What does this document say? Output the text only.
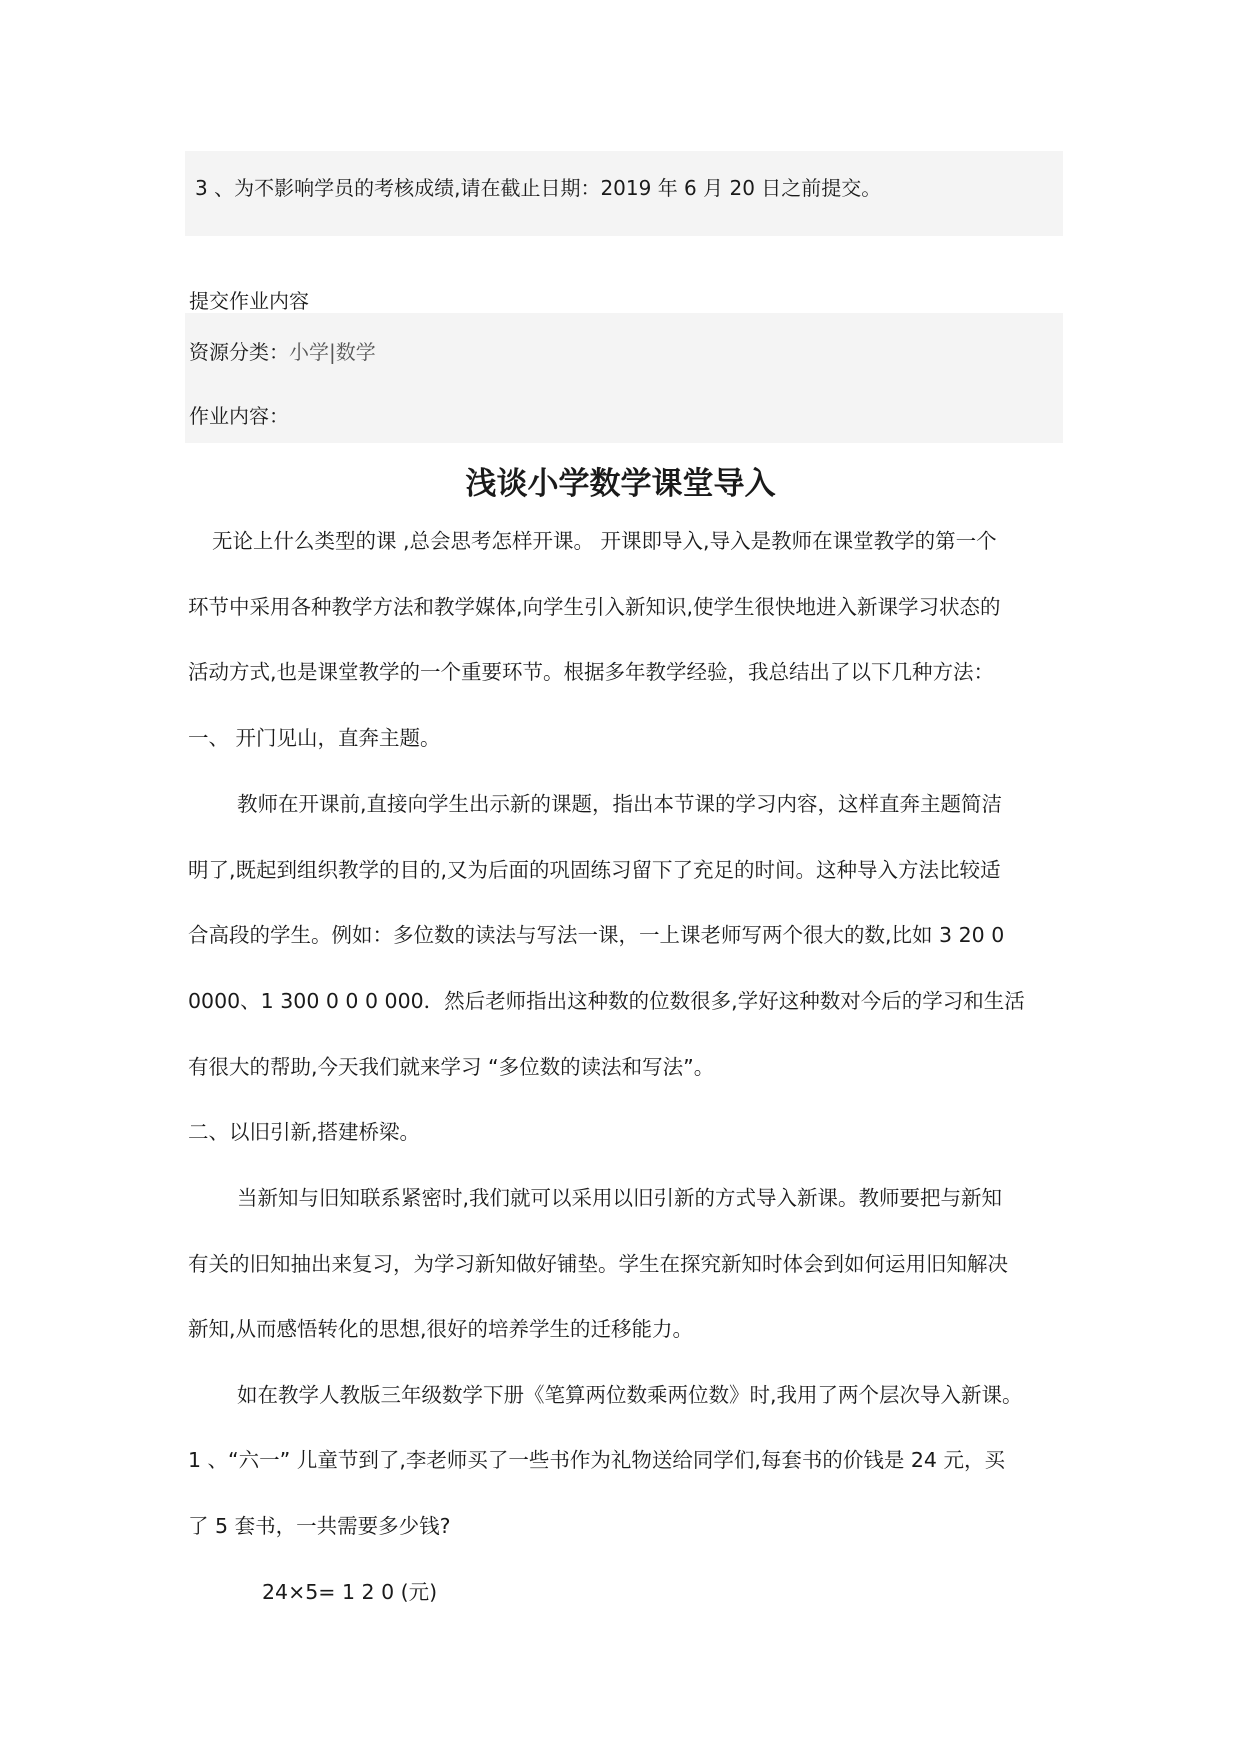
3 、为不影响学员的考核成绩,请在截止日期：2019 年 6 月 20 日之前提交。
提交作业内容
资源分类：小学|数学
作业内容：
浅谈小学数学课堂导入
无论上什么类型的课 ,总会思考怎样开课。 开课即导入,导入是教师在课堂教学的第一个
环节中采用各种教学方法和教学媒体,向学生引入新知识,使学生很快地进入新课学习状态的
活动方式,也是课堂教学的一个重要环节。根据多年教学经验，我总结出了以下几种方法：
一、 开门见山，直奔主题。
教师在开课前,直接向学生出示新的课题，指出本节课的学习内容，这样直奔主题简洁
明了,既起到组织教学的目的,又为后面的巩固练习留下了充足的时间。这种导入方法比较适
合高段的学生。例如：多位数的读法与写法一课，一上课老师写两个很大的数,比如 3 20 0
0000、1 300 0 0 0 000．然后老师指出这种数的位数很多,学好这种数对今后的学习和生活
有很大的帮助,今天我们就来学习 “多位数的读法和写法”。
二、以旧引新,搭建桥梁。
当新知与旧知联系紧密时,我们就可以采用以旧引新的方式导入新课。教师要把与新知
有关的旧知抽出来复习，为学习新知做好铺垫。学生在探究新知时体会到如何运用旧知解决
新知,从而感悟转化的思想,很好的培养学生的迁移能力。
如在教学人教版三年级数学下册《笔算两位数乘两位数》时,我用了两个层次导入新课。
1 、“六一” 儿童节到了,李老师买了一些书作为礼物送给同学们,每套书的价钱是 24 元，买
了 5 套书，一共需要多少钱?
24×5= 1 2 0 (元)
